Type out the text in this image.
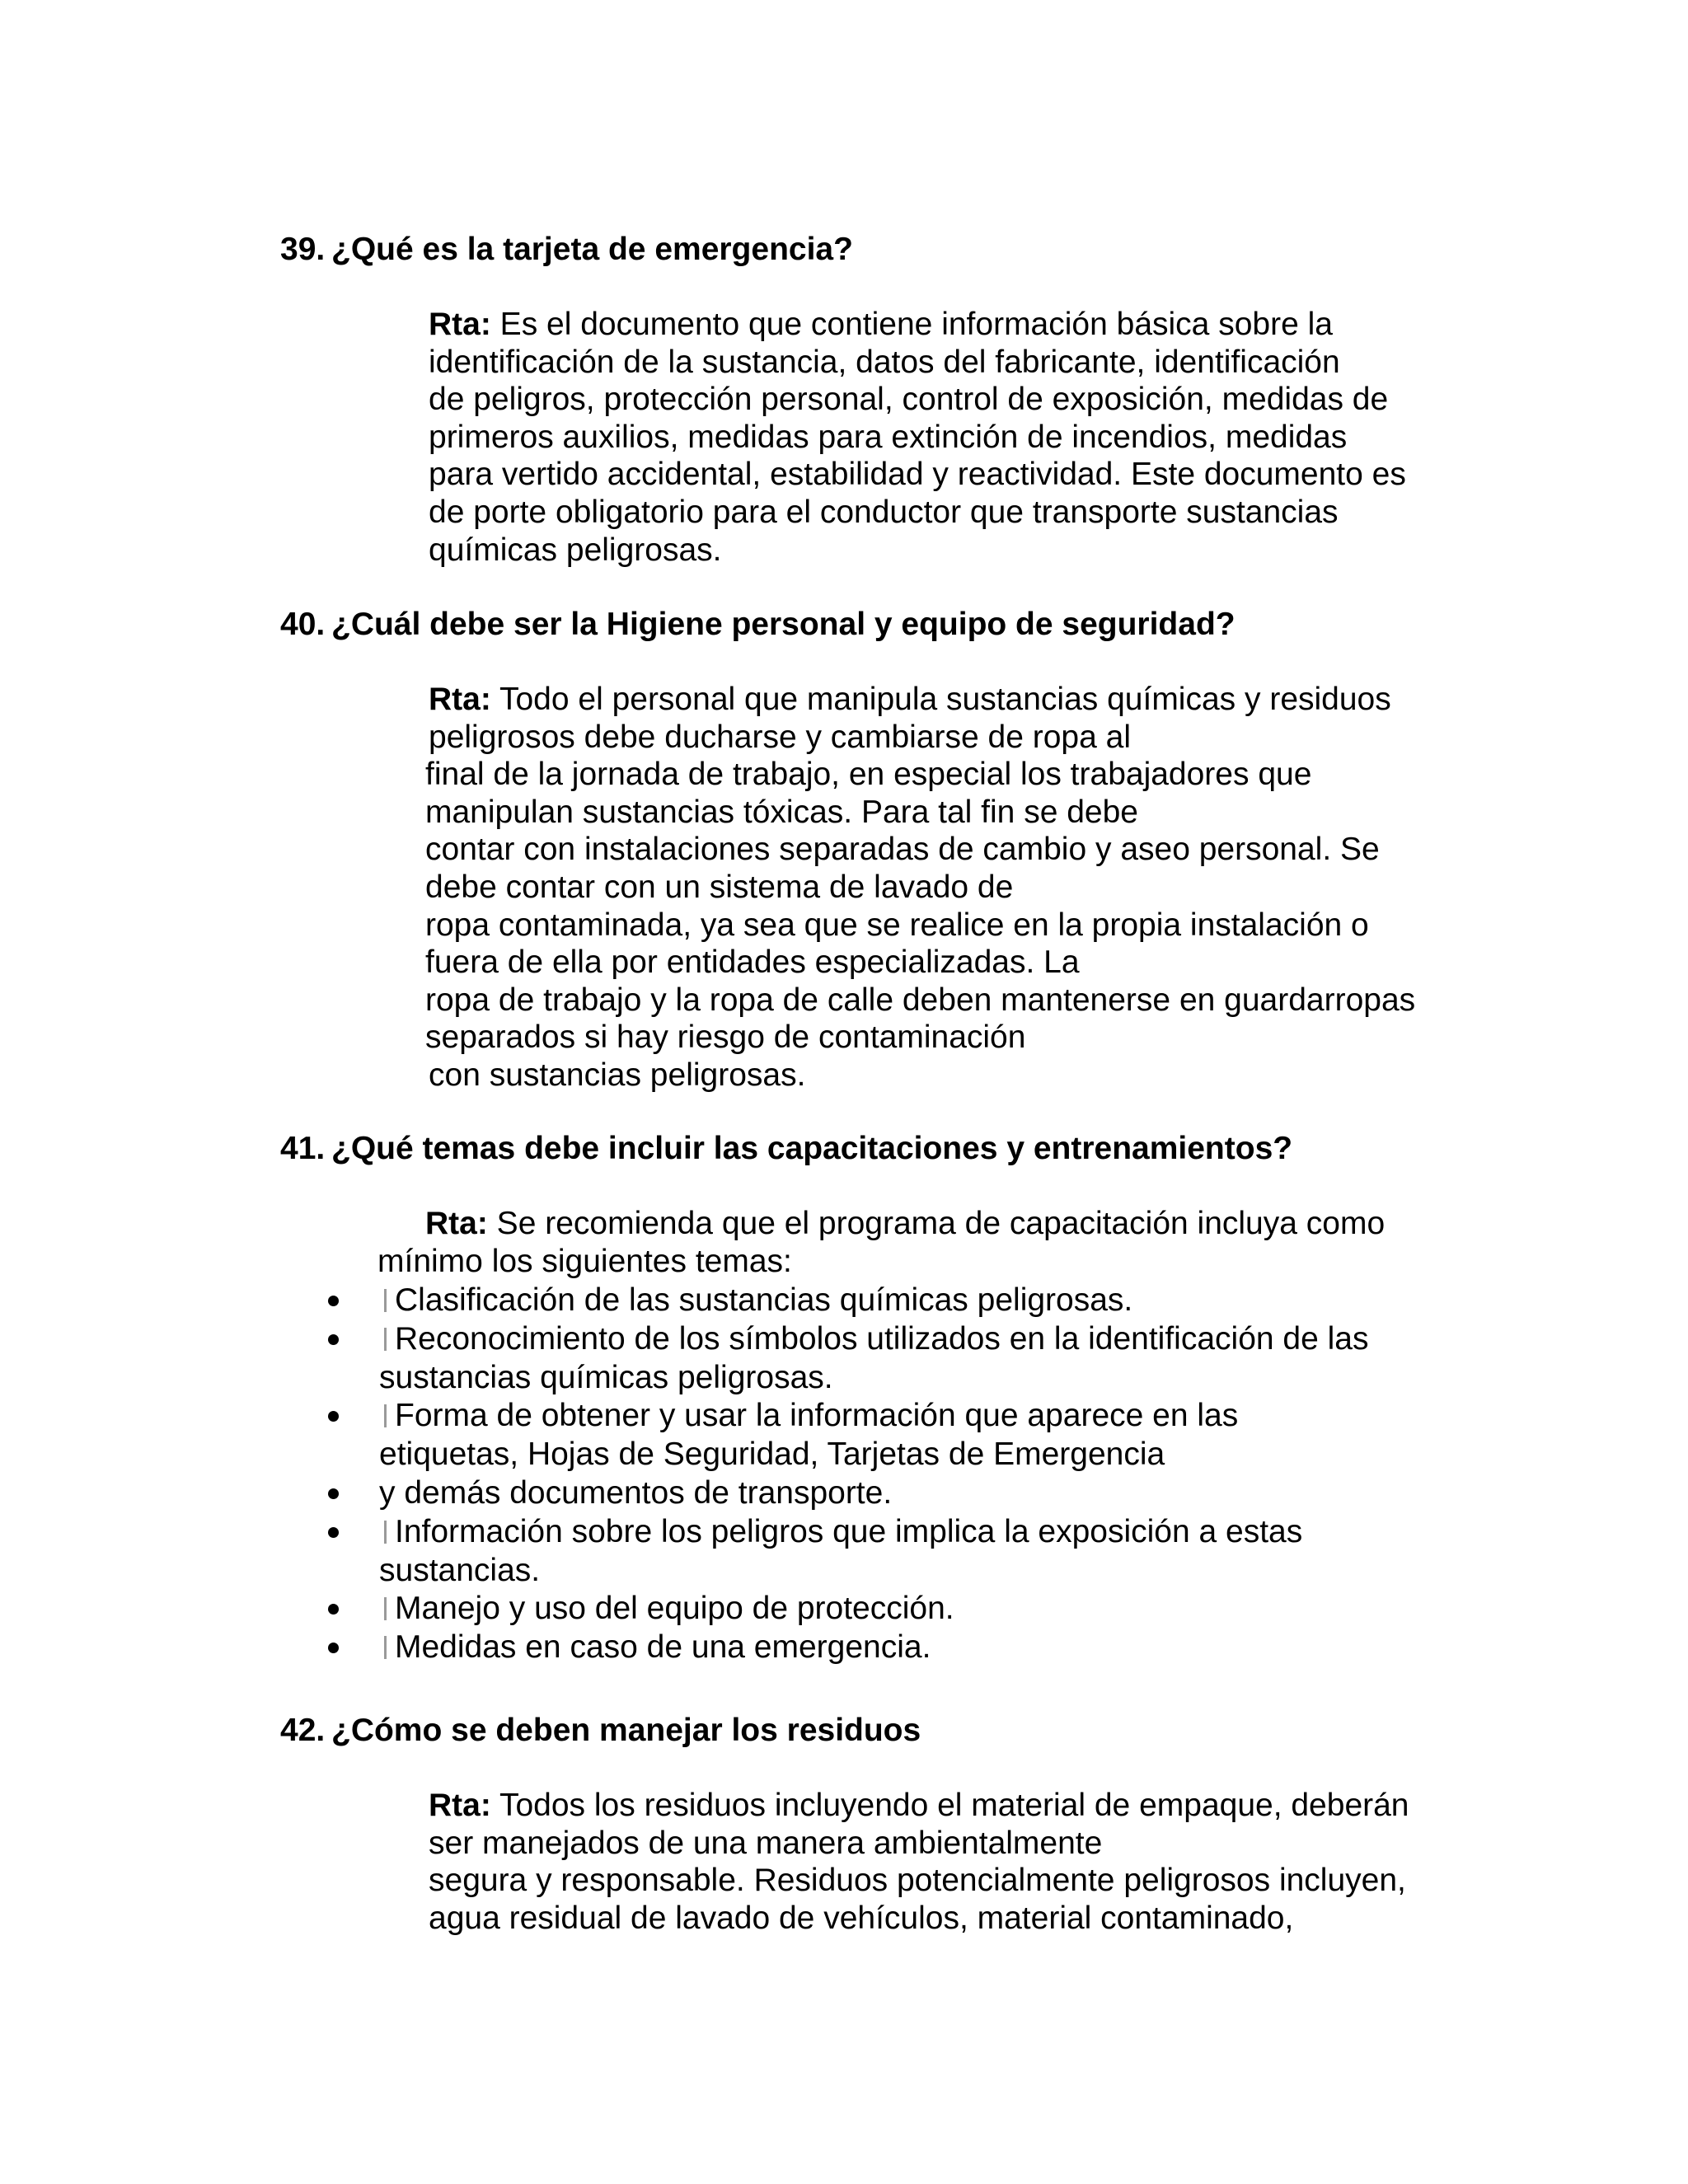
39. ¿Qué es la tarjeta de emergencia?

Rta: Es el documento que contiene información básica sobre la
identificación de la sustancia, datos del fabricante, identificación
de peligros, protección personal, control de exposición, medidas de
primeros auxilios, medidas para extinción de incendios, medidas
para vertido accidental, estabilidad y reactividad. Este documento es
de porte obligatorio para el conductor que transporte sustancias
químicas peligrosas.

40. ¿Cuál debe ser la Higiene personal y equipo de seguridad?

Rta: Todo el personal que manipula sustancias químicas y residuos
peligrosos debe ducharse y cambiarse de ropa al
final de la jornada de trabajo, en especial los trabajadores que
manipulan sustancias tóxicas. Para tal fin se debe
contar con instalaciones separadas de cambio y aseo personal. Se
debe contar con un sistema de lavado de
ropa contaminada, ya sea que se realice en la propia instalación o
fuera de ella por entidades especializadas. La
ropa de trabajo y la ropa de calle deben mantenerse en guardarropas
separados si hay riesgo de contaminación
con sustancias peligrosas.

41. ¿Qué temas debe incluir las capacitaciones y entrenamientos?

Rta: Se recomienda que el programa de capacitación incluya como
mínimo los siguientes temas:
Clasificación de las sustancias químicas peligrosas.
Reconocimiento de los símbolos utilizados en la identificación de las
sustancias químicas peligrosas.
Forma de obtener y usar la información que aparece en las
etiquetas, Hojas de Seguridad, Tarjetas de Emergencia
y demás documentos de transporte.
Información sobre los peligros que implica la exposición a estas
sustancias.
Manejo y uso del equipo de protección.
Medidas en caso de una emergencia.

42. ¿Cómo se deben manejar los residuos

Rta: Todos los residuos incluyendo el material de empaque, deberán
ser manejados de una manera ambientalmente
segura y responsable. Residuos potencialmente peligrosos incluyen,
agua residual de lavado de vehículos, material contaminado,
